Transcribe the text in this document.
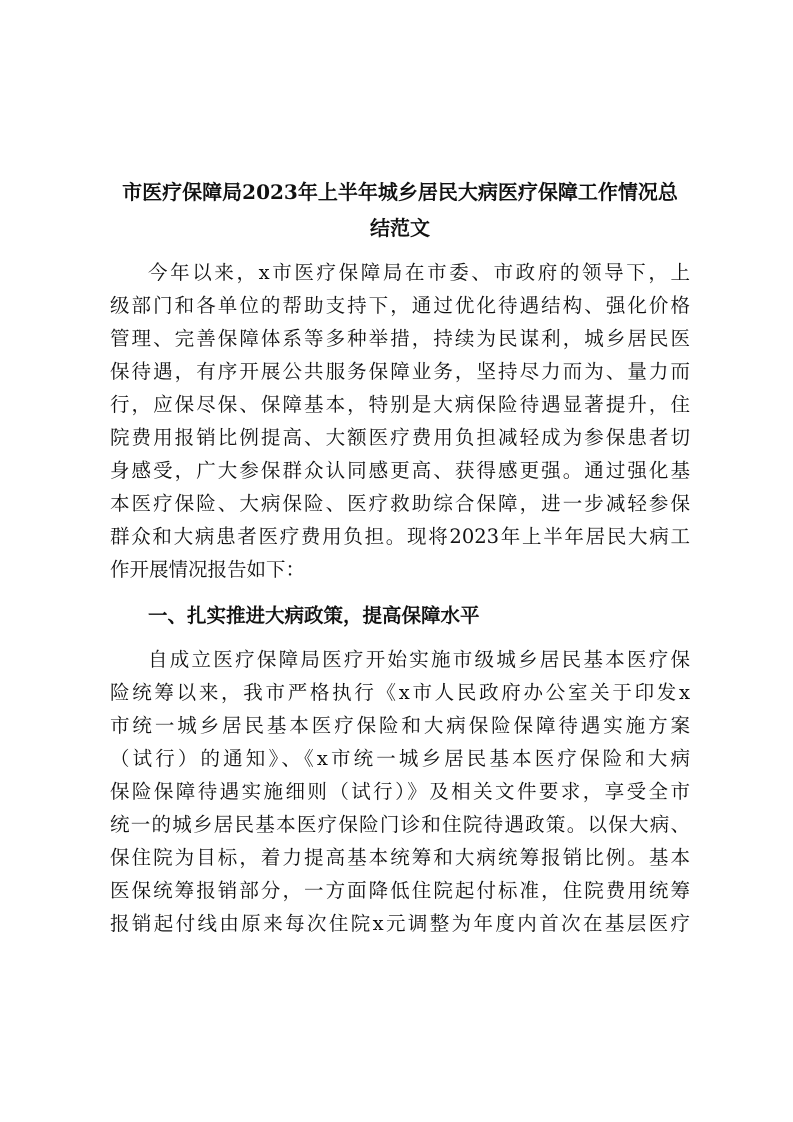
市医疗保障局2023年上半年城乡居民大病医疗保障工作情况总
结范文
今年以来，x市医疗保障局在市委、市政府的领导下，上
级部门和各单位的帮助支持下，通过优化待遇结构、强化价格
管理、完善保障体系等多种举措，持续为民谋利，城乡居民医
保待遇，有序开展公共服务保障业务，坚持尽力而为、量力而
行，应保尽保、保障基本，特别是大病保险待遇显著提升，住
院费用报销比例提高、大额医疗费用负担减轻成为参保患者切
身感受，广大参保群众认同感更高、获得感更强。通过强化基
本医疗保险、大病保险、医疗救助综合保障，进一步减轻参保
群众和大病患者医疗费用负担。现将2023年上半年居民大病工
作开展情况报告如下：
一、扎实推进大病政策，提高保障水平
自成立医疗保障局医疗开始实施市级城乡居民基本医疗保
险统筹以来，我市严格执行《x市人民政府办公室关于印发x
市统一城乡居民基本医疗保险和大病保险保障待遇实施方案
（试行）的通知》、《x市统一城乡居民基本医疗保险和大病
保险保障待遇实施细则（试行）》及相关文件要求，享受全市
统一的城乡居民基本医疗保险门诊和住院待遇政策。以保大病、
保住院为目标，着力提高基本统筹和大病统筹报销比例。基本
医保统筹报销部分，一方面降低住院起付标准，住院费用统筹
报销起付线由原来每次住院x元调整为年度内首次在基层医疗
